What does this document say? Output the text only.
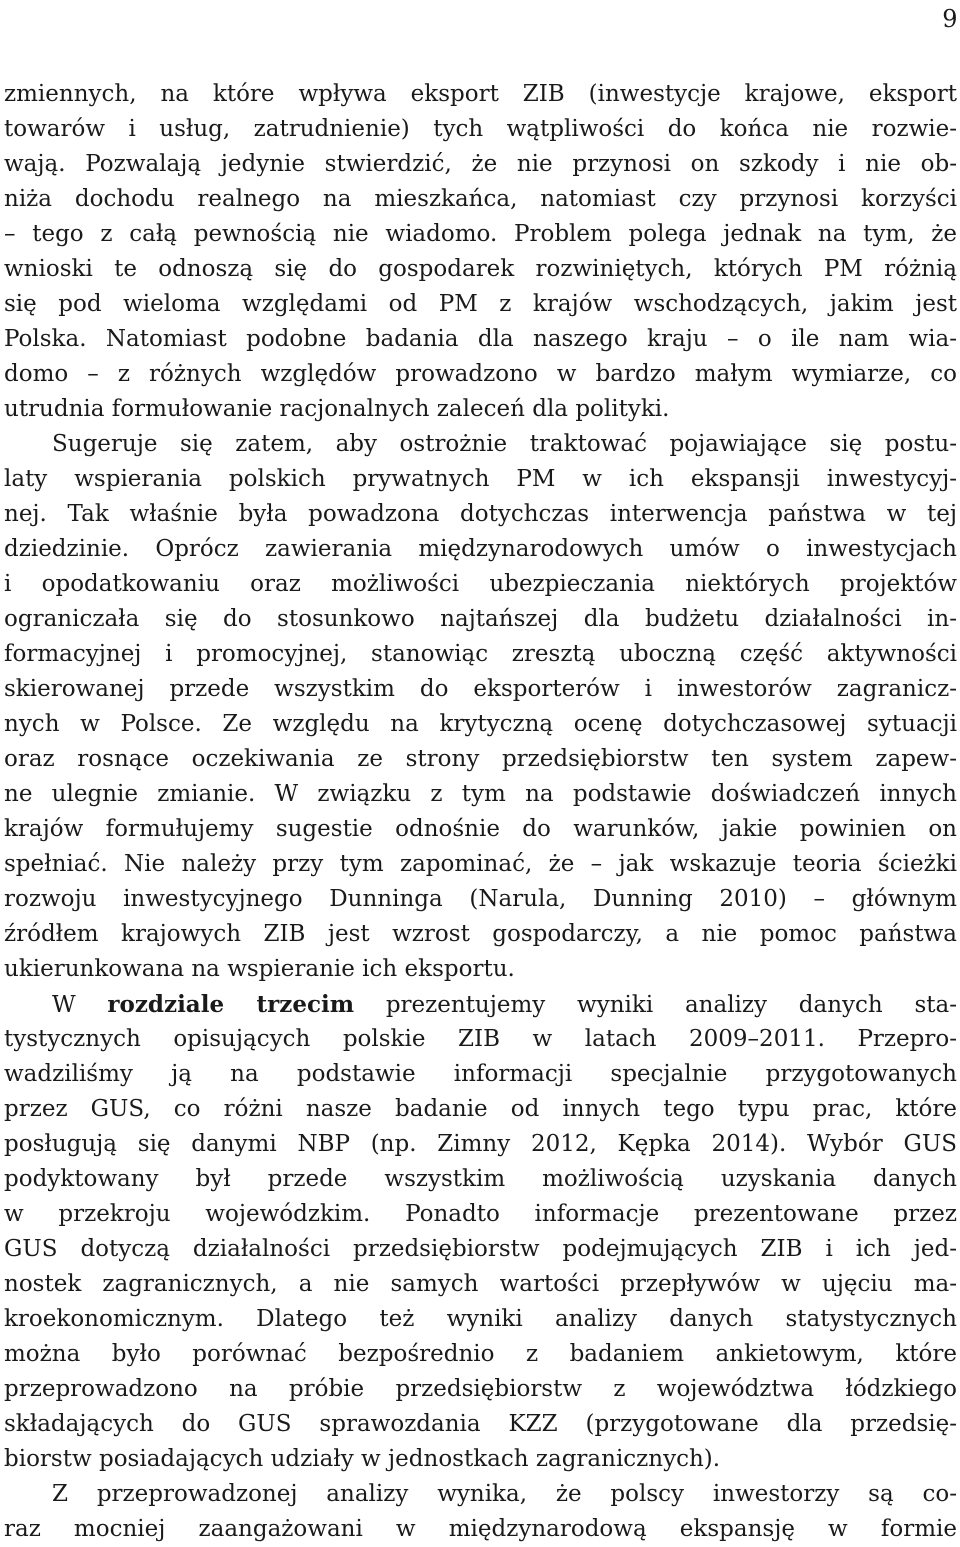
9
zmiennych, na które wpływa eksport ZIB (inwestycje krajowe, eksport
towarów i usług, zatrudnienie) tych wątpliwości do końca nie rozwie-
wają. Pozwalają jedynie stwierdzić, że nie przynosi on szkody i nie ob-
niża dochodu realnego na mieszkańca, natomiast czy przynosi korzyści
– tego z całą pewnością nie wiadomo. Problem polega jednak na tym, że
wnioski te odnoszą się do gospodarek rozwiniętych, których PM różnią
się pod wieloma względami od PM z krajów wschodzących, jakim jest
Polska. Natomiast podobne badania dla naszego kraju – o ile nam wia-
domo – z różnych względów prowadzono w bardzo małym wymiarze, co
utrudnia formułowanie racjonalnych zaleceń dla polityki.
Sugeruje się zatem, aby ostrożnie traktować pojawiające się postu-
laty wspierania polskich prywatnych PM w ich ekspansji inwestycyj-
nej. Tak właśnie była powadzona dotychczas interwencja państwa w tej
dziedzinie. Oprócz zawierania międzynarodowych umów o inwestycjach
i opodatkowaniu oraz możliwości ubezpieczania niektórych projektów
ograniczała się do stosunkowo najtańszej dla budżetu działalności in-
formacyjnej i promocyjnej, stanowiąc zresztą uboczną część aktywności
skierowanej przede wszystkim do eksporterów i inwestorów zagranicz-
nych w Polsce. Ze względu na krytyczną ocenę dotychczasowej sytuacji
oraz rosnące oczekiwania ze strony przedsiębiorstw ten system zapew-
ne ulegnie zmianie. W związku z tym na podstawie doświadczeń innych
krajów formułujemy sugestie odnośnie do warunków, jakie powinien on
spełniać. Nie należy przy tym zapominać, że – jak wskazuje teoria ścieżki
rozwoju inwestycyjnego Dunninga (Narula, Dunning 2010) – głównym
źródłem krajowych ZIB jest wzrost gospodarczy, a nie pomoc państwa
ukierunkowana na wspieranie ich eksportu.
W rozdziale trzecim prezentujemy wyniki analizy danych sta-
tystycznych opisujących polskie ZIB w latach 2009–2011. Przepro-
wadziliśmy ją na podstawie informacji specjalnie przygotowanych
przez GUS, co różni nasze badanie od innych tego typu prac, które
posługują się danymi NBP (np. Zimny 2012, Kępka 2014). Wybór GUS
podyktowany był przede wszystkim możliwością uzyskania danych
w przekroju wojewódzkim. Ponadto informacje prezentowane przez
GUS dotyczą działalności przedsiębiorstw podejmujących ZIB i ich jed-
nostek zagranicznych, a nie samych wartości przepływów w ujęciu ma-
kroekonomicznym. Dlatego też wyniki analizy danych statystycznych
można było porównać bezpośrednio z badaniem ankietowym, które
przeprowadzono na próbie przedsiębiorstw z województwa łódzkiego
składających do GUS sprawozdania KZZ (przygotowane dla przedsię-
biorstw posiadających udziały w jednostkach zagranicznych).
Z przeprowadzonej analizy wynika, że polscy inwestorzy są co-
raz mocniej zaangażowani w międzynarodową ekspansję w formie
